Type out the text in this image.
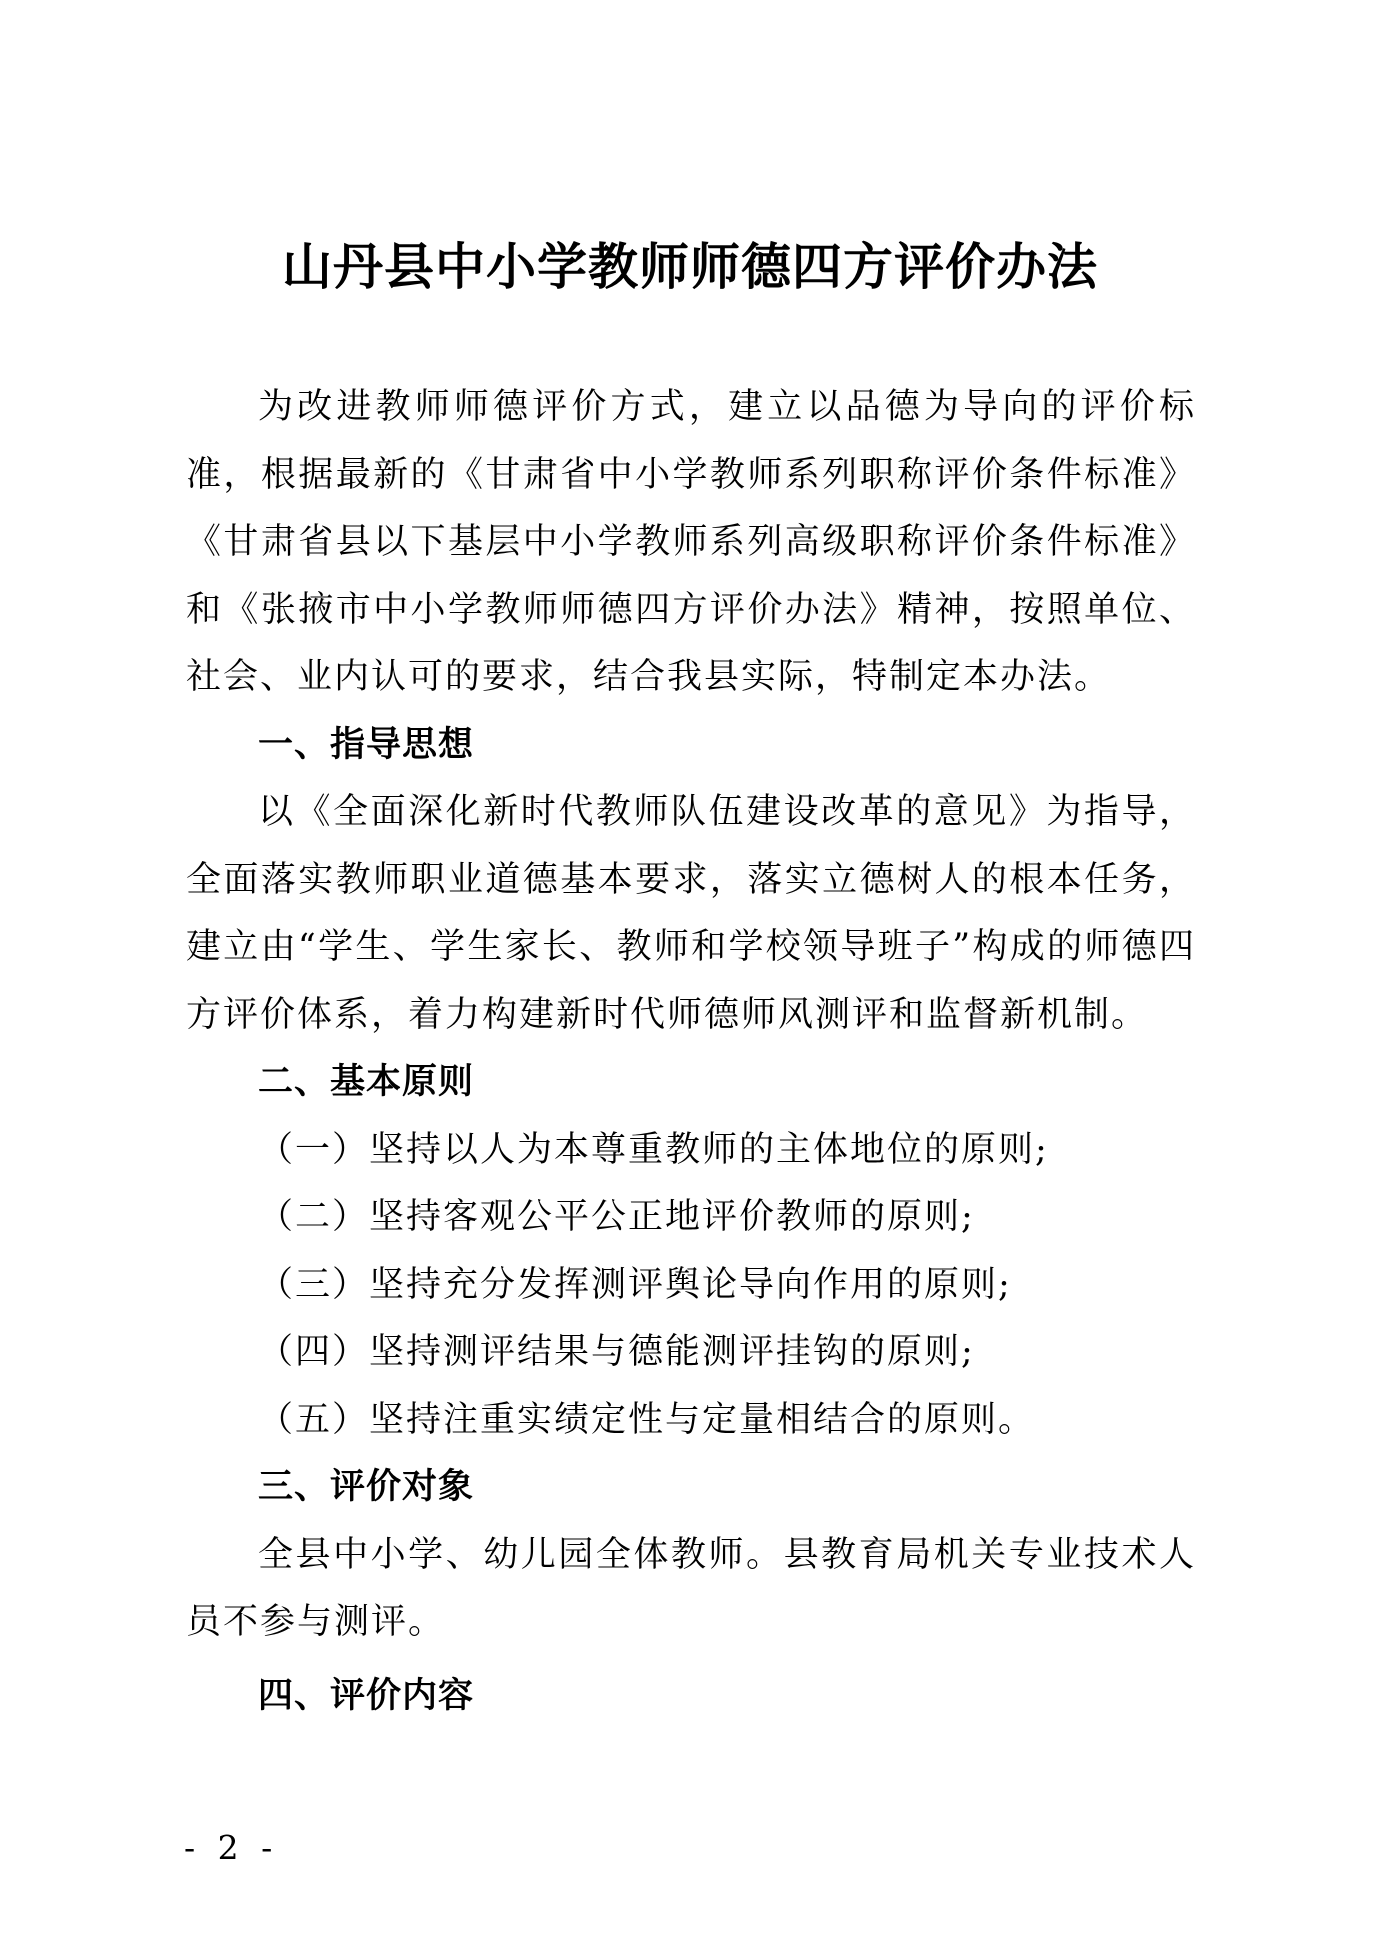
山丹县中小学教师师德四方评价办法

为改进教师师德评价方式，建立以品德为导向的评价标准，根据最新的《甘肃省中小学教师系列职称评价条件标准》《甘肃省县以下基层中小学教师系列高级职称评价条件标准》和《张掖市中小学教师师德四方评价办法》精神，按照单位、社会、业内认可的要求，结合我县实际，特制定本办法。

一、指导思想

以《全面深化新时代教师队伍建设改革的意见》为指导，全面落实教师职业道德基本要求，落实立德树人的根本任务，建立由“学生、学生家长、教师和学校领导班子”构成的师德四方评价体系，着力构建新时代师德师风测评和监督新机制。

二、基本原则

（一）坚持以人为本尊重教师的主体地位的原则;

（二）坚持客观公平公正地评价教师的原则;

（三）坚持充分发挥测评舆论导向作用的原则;

（四）坚持测评结果与德能测评挂钩的原则;

（五）坚持注重实绩定性与定量相结合的原则。

三、评价对象

全县中小学、幼儿园全体教师。县教育局机关专业技术人员不参与测评。

四、评价内容

- 2 -
